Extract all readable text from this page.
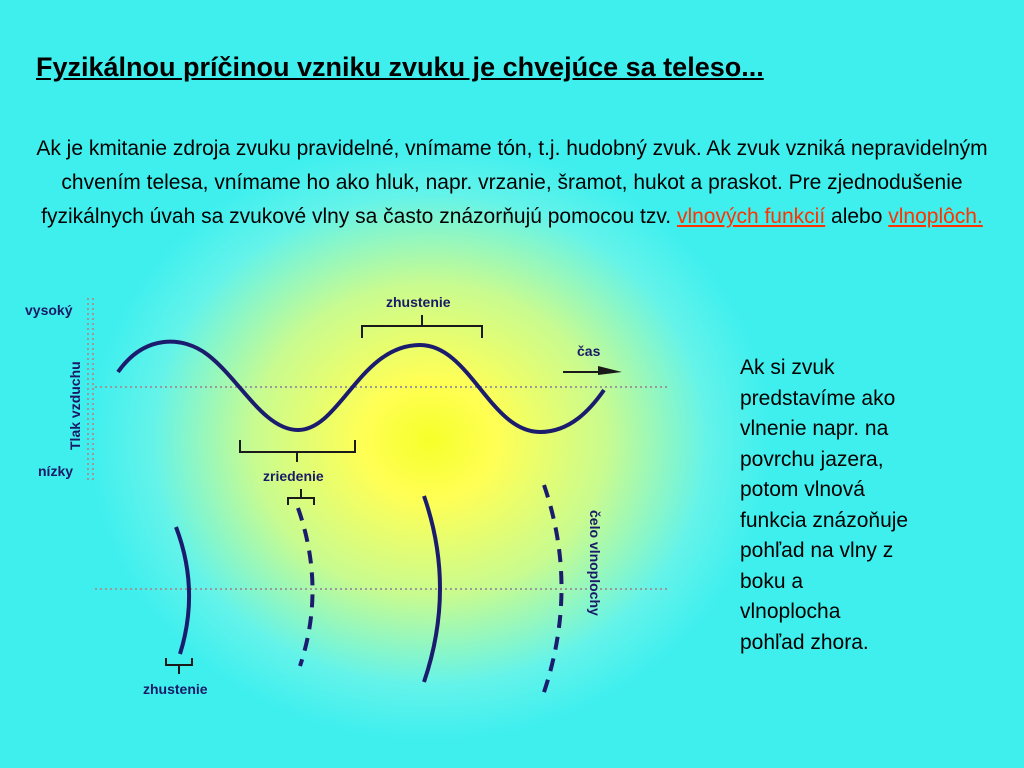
Fyzikálnou príčinou vzniku zvuku je chvejúce sa teleso...

Ak je kmitanie zdroja zvuku pravidelné, vnímame tón, t.j. hudobný zvuk. Ak zvuk vzniká nepravidelným chvením telesa, vnímame ho ako hluk, napr. vrzanie, šramot, hukot a praskot. Pre zjednodušenie fyzikálnych úvah sa zvukové vlny sa často znázorňujú pomocou tzv. vlnových funkcií alebo vlnoplôch.

Ak si zvuk
predstavíme ako
vlnenie napr. na
povrchu jazera,
potom vlnová
funkcia znázoňuje
pohľad na vlny z
boku a
vlnoplocha
pohľad zhora.

zhustenie
zriedenie
čas
vysoký
nízky
Tlak vzduchu
zhustenie
čelo vlnoplochy
